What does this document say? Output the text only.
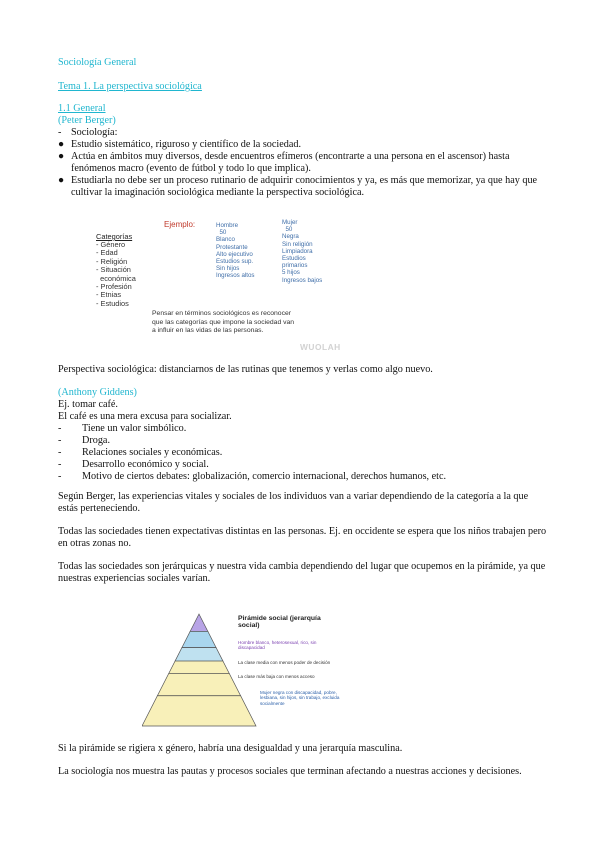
Sociología General
Tema 1. La perspectiva sociológica
1.1 General
(Peter Berger)
- Sociología:
● Estudio sistemático, riguroso y científico de la sociedad.
● Actúa en ámbitos muy diversos, desde encuentros efímeros (encontrarte a una persona en el ascensor) hasta
fenómenos macro (evento de fútbol y todo lo que implica).
● Estudiarla no debe ser un proceso rutinario de adquirir conocimientos y ya, es más que memorizar, ya que hay que
cultivar la imaginación sociológica mediante la perspectiva sociológica.
Ejemplo:
Categorías
- Género
- Edad
- Religión
- Situación
económica
- Profesión
- Etnias
- Estudios
Hombre
50
Blanco
Protestante
Alto ejecutivo
Estudios sup.
Sin hijos
Ingresos altos
Mujer
50
Negra
Sin religión
Limpiadora
Estudios
primarios
5 hijos
Ingresos bajos
Pensar en términos sociológicos es reconocer
que las categorías que impone la sociedad van
a influir en las vidas de las personas.
WUOLAH
Perspectiva sociológica: distanciarnos de las rutinas que tenemos y verlas como algo nuevo.
(Anthony Giddens)
Ej. tomar café.
El café es una mera excusa para socializar.
- Tiene un valor simbólico.
- Droga.
- Relaciones sociales y económicas.
- Desarrollo económico y social.
- Motivo de ciertos debates: globalización, comercio internacional, derechos humanos, etc.
Según Berger, las experiencias vitales y sociales de los individuos van a variar dependiendo de la categoría a la que
estás perteneciendo.
Todas las sociedades tienen expectativas distintas en las personas. Ej. en occidente se espera que los niños trabajen pero
en otras zonas no.
Todas las sociedades son jerárquicas y nuestra vida cambia dependiendo del lugar que ocupemos en la pirámide, ya que
nuestras experiencias sociales varían.
Pirámide social (jerarquía social)
Hombre blanco, heterosexual, rico, sin discapacidad
La clase media con menos poder de decisión
La clase más baja con menos acceso
Mujer negra con discapacidad, pobre, lesbiana, sin hijos, sin trabajo, excluida socialmente
Si la pirámide se rigiera x género, habría una desigualdad y una jerarquía masculina.
La sociología nos muestra las pautas y procesos sociales que terminan afectando a nuestras acciones y decisiones.
